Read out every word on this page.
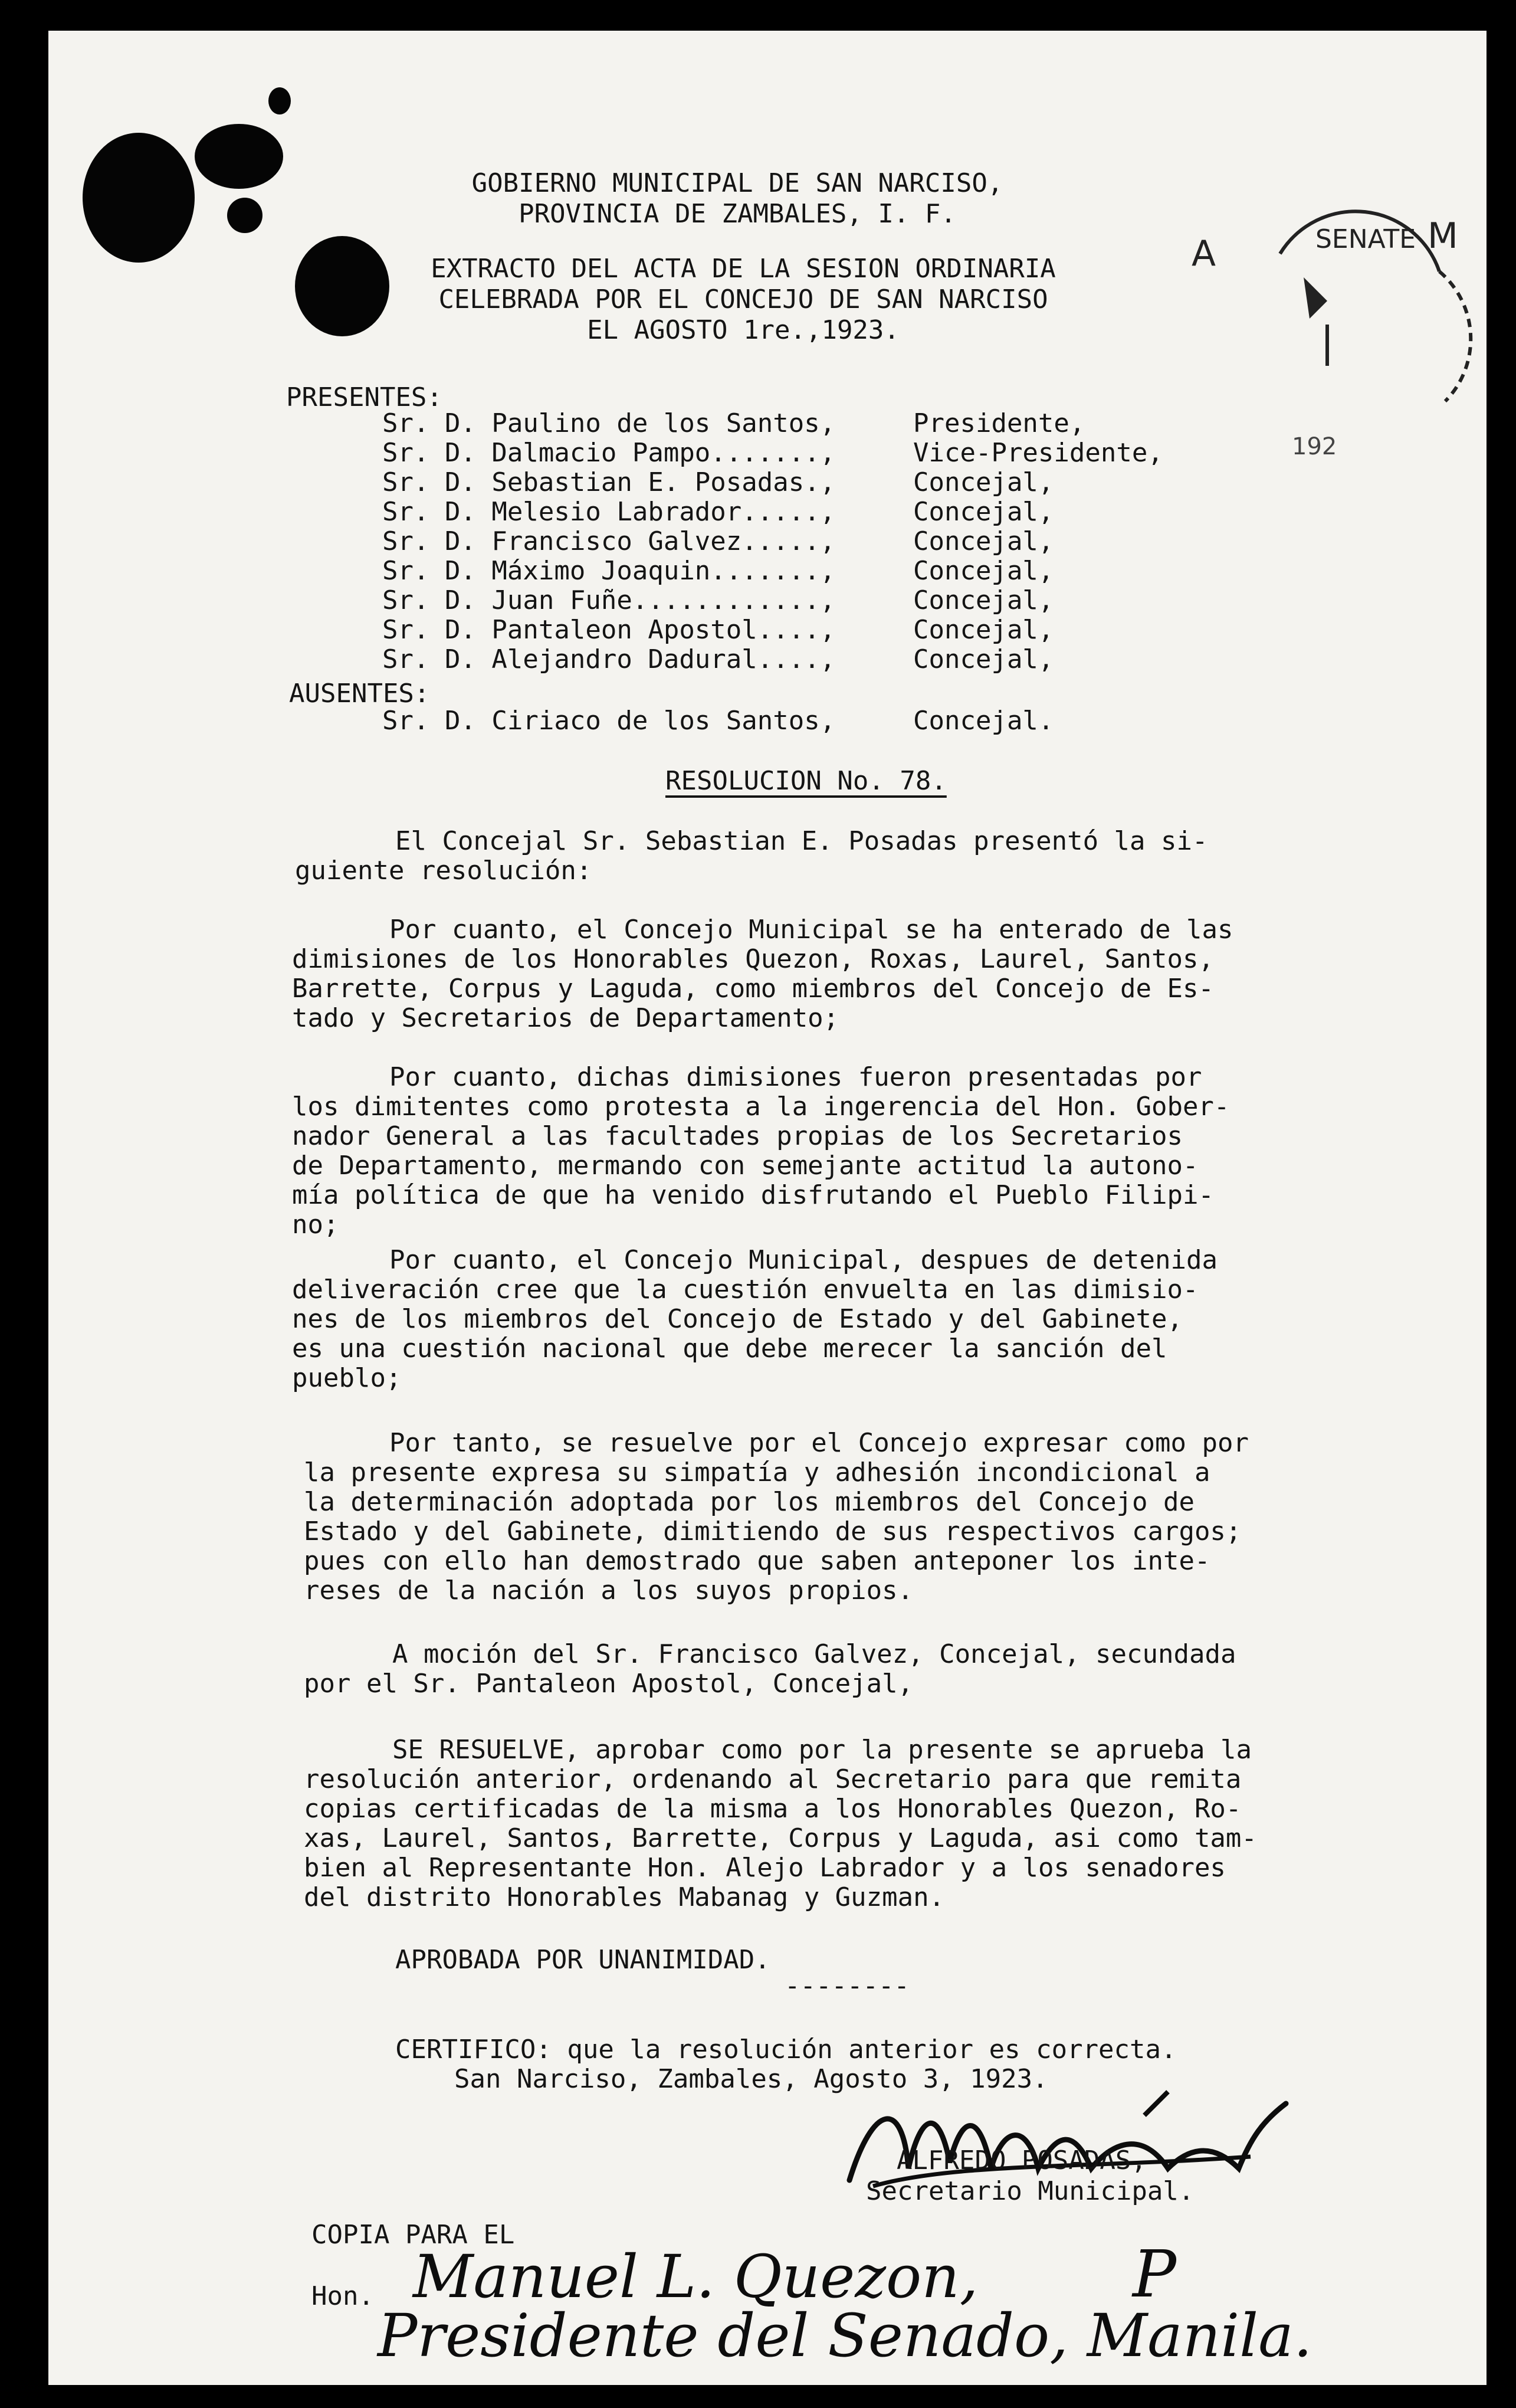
SENATE
A	M
192
GOBIERNO MUNICIPAL DE SAN NARCISO,
PROVINCIA DE ZAMBALES, I. F.
EXTRACTO DEL ACTA DE LA SESION ORDINARIA
CELEBRADA POR EL CONCEJO DE SAN NARCISO
EL AGOSTO 1re.,1923.
PRESENTES:
Sr. D. Paulino de los Santos,	Presidente,
Sr. D. Dalmacio Pampo.......,	Vice-Presidente,
Sr. D. Sebastian E. Posadas.,	Concejal,
Sr. D. Melesio Labrador.....,	Concejal,
Sr. D. Francisco Galvez.....,	Concejal,
Sr. D. Máximo Joaquin.......,	Concejal,
Sr. D. Juan Fuñe............,	Concejal,
Sr. D. Pantaleon Apostol....,	Concejal,
Sr. D. Alejandro Dadural....,	Concejal,
AUSENTES:
Sr. D. Ciriaco de los Santos,	Concejal.
RESOLUCION No. 78.
El Concejal Sr. Sebastian E. Posadas presentó la si-
guiente resolución:
Por cuanto, el Concejo Municipal se ha enterado de las
dimisiones de los Honorables Quezon, Roxas, Laurel, Santos,
Barrette, Corpus y Laguda, como miembros del Concejo de Es-
tado y Secretarios de Departamento;
Por cuanto, dichas dimisiones fueron presentadas por
los dimitentes como protesta a la ingerencia del Hon. Gober-
nador General a las facultades propias de los Secretarios
de Departamento, mermando con semejante actitud la autono-
mía política de que ha venido disfrutando el Pueblo Filipi-
no;
Por cuanto, el Concejo Municipal, despues de detenida
deliveración cree que la cuestión envuelta en las dimisio-
nes de los miembros del Concejo de Estado y del Gabinete,
es una cuestión nacional que debe merecer la sanción del
pueblo;
Por tanto, se resuelve por el Concejo expresar como por
la presente expresa su simpatía y adhesión incondicional a
la determinación adoptada por los miembros del Concejo de
Estado y del Gabinete, dimitiendo de sus respectivos cargos;
pues con ello han demostrado que saben anteponer los inte-
reses de la nación a los suyos propios.
A moción del Sr. Francisco Galvez, Concejal, secundada
por el Sr. Pantaleon Apostol, Concejal,
SE RESUELVE, aprobar como por la presente se aprueba la
resolución anterior, ordenando al Secretario para que remita
copias certificadas de la misma a los Honorables Quezon, Ro-
xas, Laurel, Santos, Barrette, Corpus y Laguda, asi como tam-
bien al Representante Hon. Alejo Labrador y a los senadores
del distrito Honorables Mabanag y Guzman.
APROBADA POR UNANIMIDAD.
--------
CERTIFICO: que la resolución anterior es correcta.
San Narciso, Zambales, Agosto 3, 1923.
ALFREDO POSADAS,
Secretario Municipal.
COPIA PARA EL
Hon. Manuel L. Quezon,
Presidente del Senado, Manila.
P
